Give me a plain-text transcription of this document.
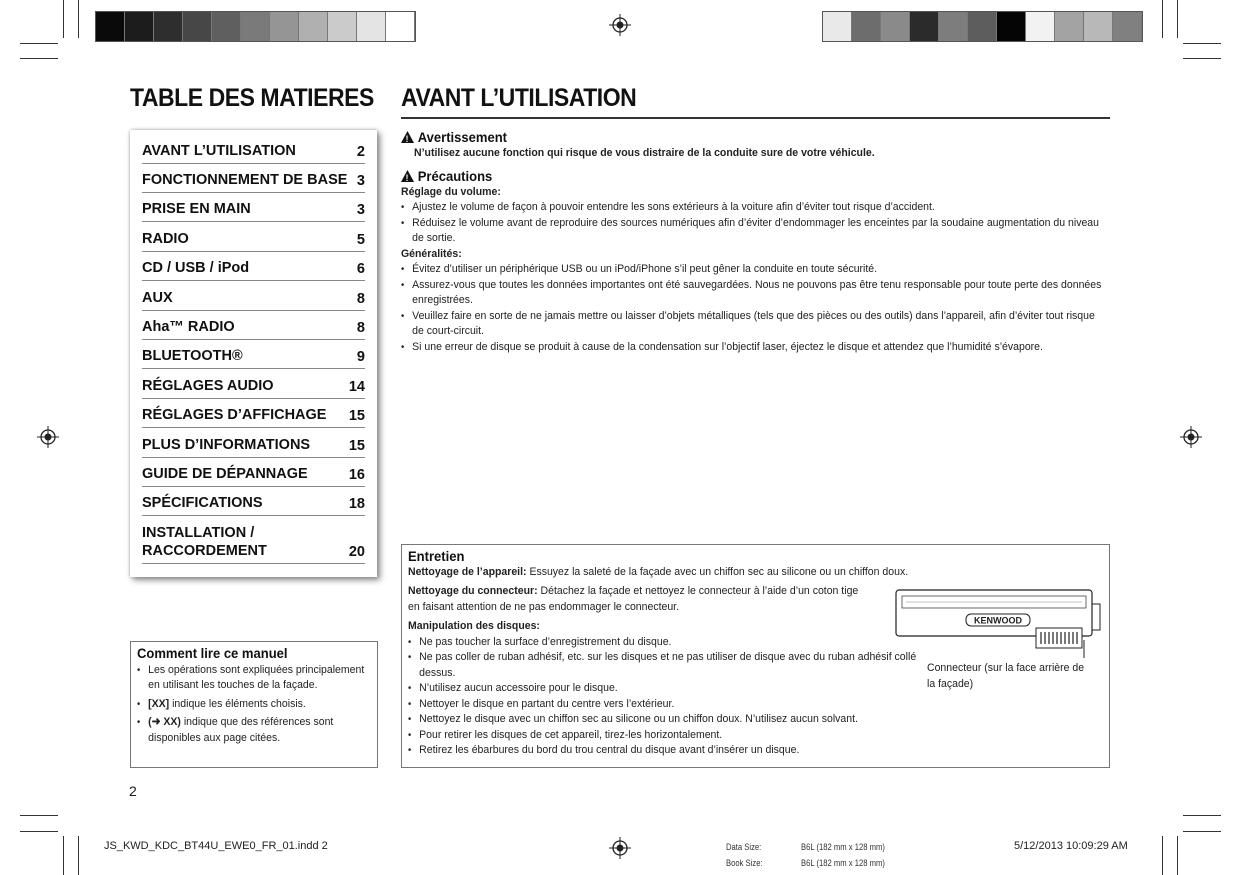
TABLE DES MATIERES AVANT L’UTILISATION
AVANT L’UTILISATION	2
FONCTIONNEMENT DE BASE 3
PRISE EN MAIN	3
RADIO	5
CD / USB / iPod	6
AUX	8
Aha™ RADIO	8
BLUETOOTH®	9
RÉGLAGES AUDIO	14
RÉGLAGES D’AFFICHAGE 15
PLUS D’INFORMATIONS	15
GUIDE DE DÉPANNAGE	16
SPÉCIFICATIONS	18
INSTALLATION /
RACCORDEMENT	20
Comment lire ce manuel
• Les opérations sont expliquées principalement en utilisant les touches de la façade.
• [XX] indique les éléments choisis.
• (➜ XX) indique que des références sont disponibles aux page citées.
2
!Avertissement
N’utilisez aucune fonction qui risque de vous distraire de la conduite sure de votre véhicule.
!Précautions
Réglage du volume:
• Ajustez le volume de façon à pouvoir entendre les sons extérieurs à la voiture afin d’éviter tout risque d’accident.
• Réduisez le volume avant de reproduire des sources numériques afin d’éviter d’endommager les enceintes par la soudaine augmentation du niveau de sortie.
Généralités:
• Évitez d’utiliser un périphérique USB ou un iPod/iPhone s’il peut gêner la conduite en toute sécurité.
• Assurez-vous que toutes les données importantes ont été sauvegardées. Nous ne pouvons pas être tenu responsable pour toute perte des données enregistrées.
• Veuillez faire en sorte de ne jamais mettre ou laisser d’objets métalliques (tels que des pièces ou des outils) dans l’appareil, afin d’éviter tout risque de court-circuit.
• Si une erreur de disque se produit à cause de la condensation sur l’objectif laser, éjectez le disque et attendez que l’humidité s’évapore.
Entretien
Nettoyage de l’appareil: Essuyez la saleté de la façade avec un chiffon sec au silicone ou un chiffon doux.
Nettoyage du connecteur: Détachez la façade et nettoyez le connecteur à l’aide d’un coton tige en faisant attention de ne pas endommager le connecteur.
Manipulation des disques:
• Ne pas toucher la surface d’enregistrement du disque.
• Ne pas coller de ruban adhésif, etc. sur les disques et ne pas utiliser de disque avec du ruban adhésif collé dessus.
• N’utilisez aucun accessoire pour le disque.
• Nettoyer le disque en partant du centre vers l’extérieur.
• Nettoyez le disque avec un chiffon sec au silicone ou un chiffon doux. N’utilisez aucun solvant.
• Pour retirer les disques de cet appareil, tirez-les horizontalement.
• Retirez les ébarbures du bord du trou central du disque avant d’insérer un disque.
KENWOOD
Connecteur (sur la face arrière de la façade)
JS_KWD_KDC_BT44U_EWE0_FR_01.indd 2	Data Size:	B6L (182 mm x 128 mm)
Book Size:	B6L (182 mm x 128 mm)
5/12/2013 10:09:29 AM
